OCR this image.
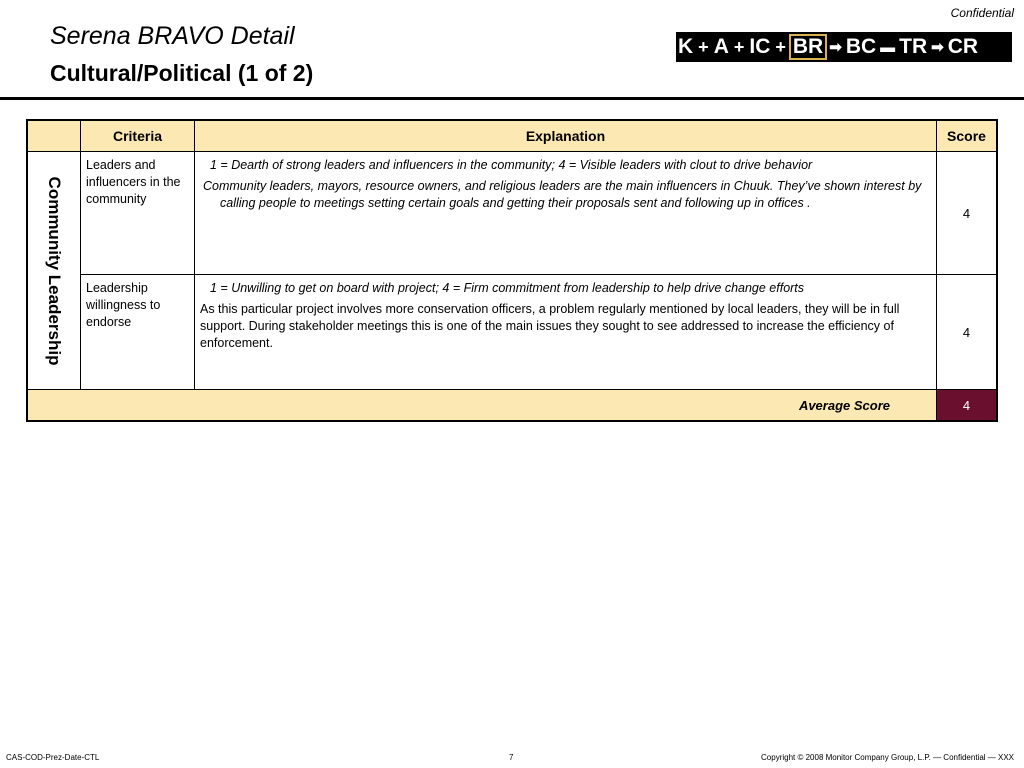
Confidential
Serena BRAVO Detail
Cultural/Political (1 of 2)
K + A + IC + BR ➡ BC ▬ TR ➡ CR
	Criteria	Explanation	Score

Community Leadership	Leaders and influencers in the community	1 = Dearth of strong leaders and influencers in the community; 4 = Visible leaders with clout to drive behavior

Community leaders, mayors, resource owners, and religious leaders are the main influencers in Chuuk. They’ve shown interest by calling people to meetings setting certain goals and getting their proposals sent and following up in offices .	4
	Leadership willingness to endorse	1 = Unwilling to get on board with project; 4 = Firm commitment from leadership to help drive change efforts

As this particular project involves more conservation officers, a problem regularly mentioned by local leaders, they will be in full support. During stakeholder meetings this is one of the main issues they sought to see addressed to increase the efficiency of enforcement.	4
Average Score			4
CAS-COD-Prez-Date-CTL	7	Copyright © 2008 Monitor Company Group, L.P. — Confidential — XXX
